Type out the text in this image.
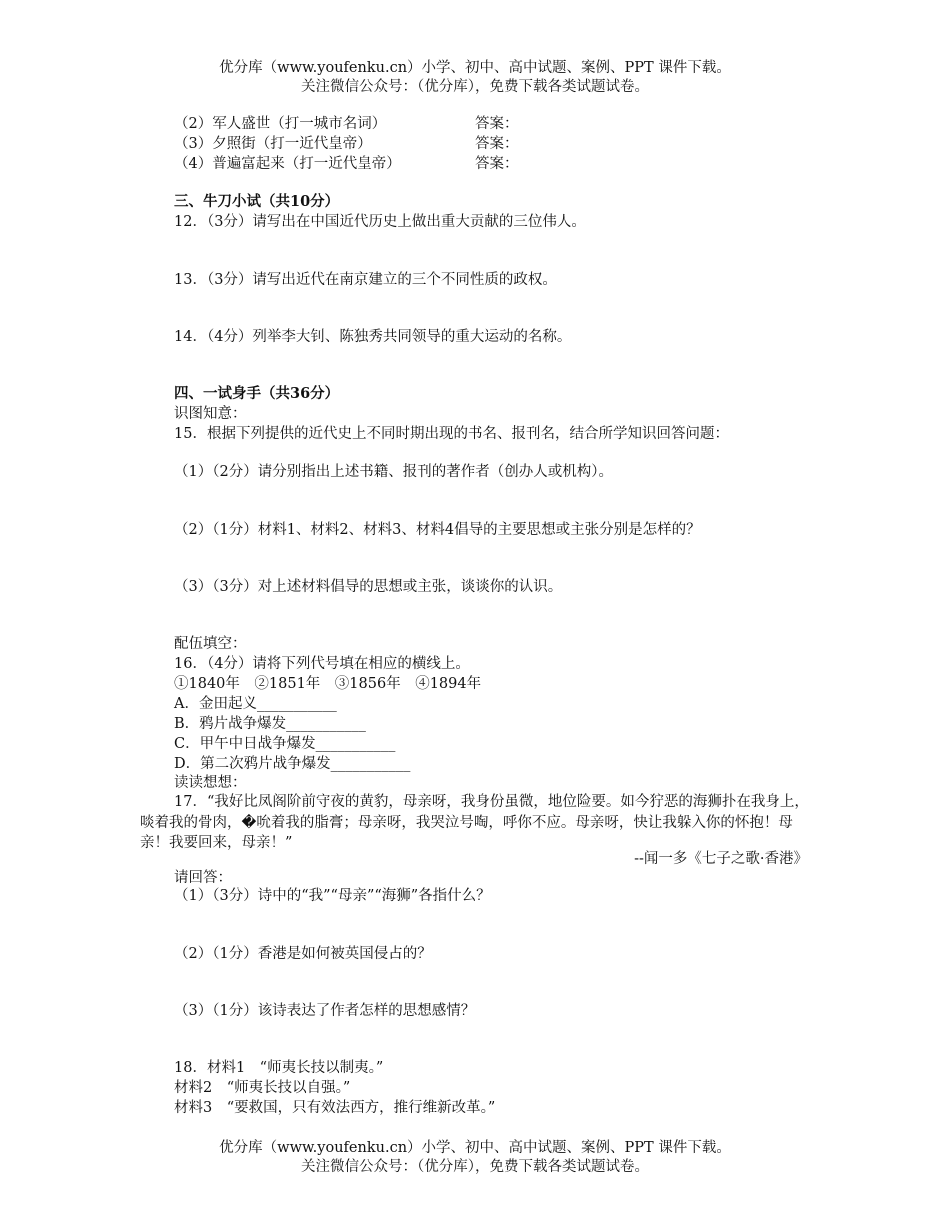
优分库（www.youfenku.cn）小学、初中、高中试题、案例、PPT 课件下载。
关注微信公众号：（优分库），免费下载各类试题试卷。
（2）军人盛世（打一城市名词）	答案：
（3）夕照街（打一近代皇帝）	答案：
（4）普遍富起来（打一近代皇帝）	答案：
三、牛刀小试（共10分）
12．（3分）请写出在中国近代历史上做出重大贡献的三位伟人。
13．（3分）请写出近代在南京建立的三个不同性质的政权。
14．（4分）列举李大钊、陈独秀共同领导的重大运动的名称。
四、一试身手（共36分）
识图知意：
15．根据下列提供的近代史上不同时期出现的书名、报刊名，结合所学知识回答问题：
（1）（2分）请分别指出上述书籍、报刊的著作者（创办人或机构）。
（2）（1分）材料1、材料2、材料3、材料4倡导的主要思想或主张分别是怎样的？
（3）（3分）对上述材料倡导的思想或主张，谈谈你的认识。
配伍填空：
16．（4分）请将下列代号填在相应的横线上。
①1840年　②1851年　③1856年　④1894年
A．金田起义___________
B．鸦片战争爆发___________
C．甲午中日战争爆发___________
D．第二次鸦片战争爆发___________
读读想想：
17．“我好比凤阁阶前守夜的黄豹，母亲呀，我身份虽微，地位险要。如今狞恶的海狮扑在我身上，啖着我的骨肉，�吮着我的脂膏；母亲呀，我哭泣号啕，呼你不应。母亲呀，快让我躲入你的怀抱！母亲！我要回来，母亲！”
--闻一多《七子之歌·香港》
请回答：
（1）（3分）诗中的“我”“母亲”“海狮”各指什么？
（2）（1分）香港是如何被英国侵占的？
（3）（1分）该诗表达了作者怎样的思想感情？
18．材料1　“师夷长技以制夷。”
材料2　“师夷长技以自强。”
材料3　“要救国，只有效法西方，推行维新改革。”
优分库（www.youfenku.cn）小学、初中、高中试题、案例、PPT 课件下载。
关注微信公众号：（优分库），免费下载各类试题试卷。
